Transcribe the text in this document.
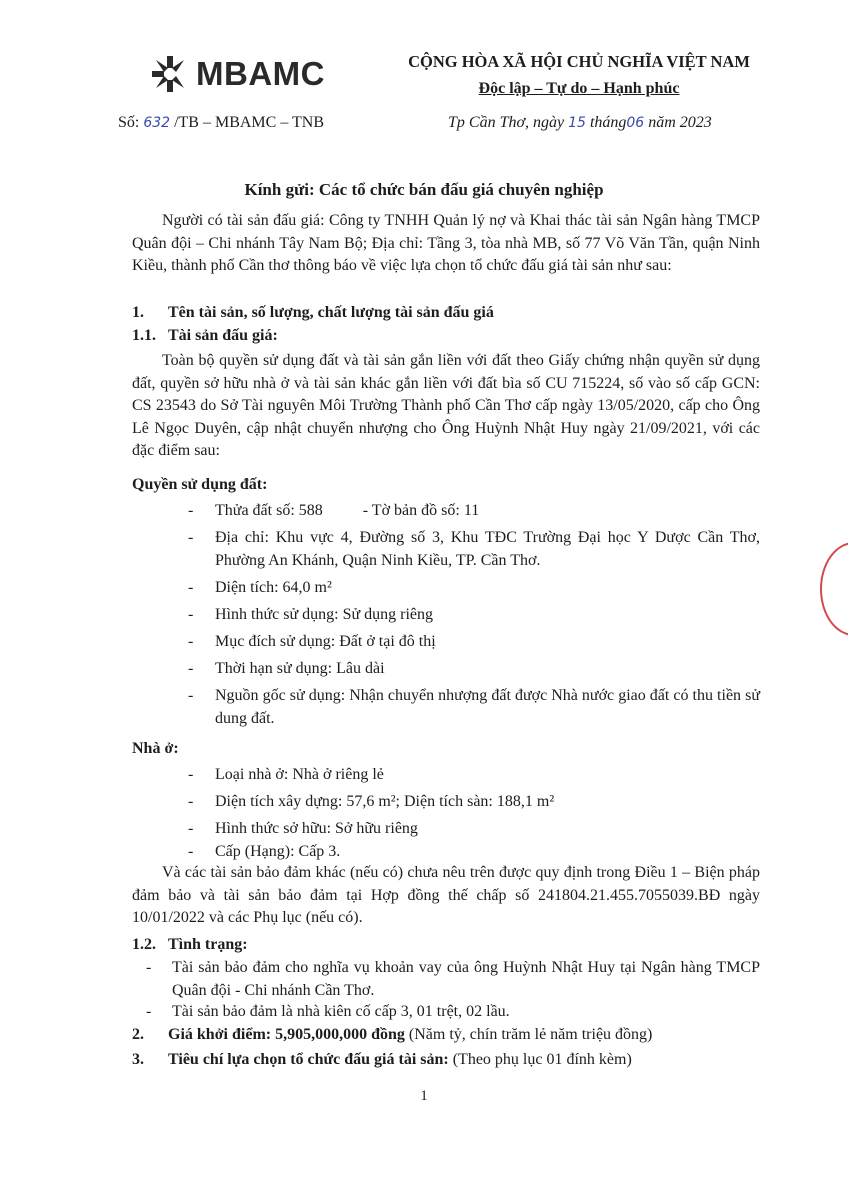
MBAMC
Số: 632 /TB – MBAMC – TNB
CỘNG HÒA XÃ HỘI CHỦ NGHĨA VIỆT NAM
Độc lập – Tự do – Hạnh phúc
Tp Cần Thơ, ngày 15 tháng06 năm 2023
Kính gửi: Các tổ chức bán đấu giá chuyên nghiệp
Người có tài sản đấu giá: Công ty TNHH Quản lý nợ và Khai thác tài sản Ngân hàng TMCP Quân đội – Chi nhánh Tây Nam Bộ; Địa chỉ: Tầng 3, tòa nhà MB, số 77 Võ Văn Tần, quận Ninh Kiều, thành phố Cần thơ thông báo về việc lựa chọn tổ chức đấu giá tài sản như sau:
1.	Tên tài sản, số lượng, chất lượng tài sản đấu giá
1.1. Tài sản đấu giá:
Toàn bộ quyền sử dụng đất và tài sản gắn liền với đất theo Giấy chứng nhận quyền sử dụng đất, quyền sở hữu nhà ở và tài sản khác gắn liền với đất bìa số CU 715224, số vào số cấp GCN: CS 23543 do Sở Tài nguyên Môi Trường Thành phố Cần Thơ cấp ngày 13/05/2020, cấp cho Ông Lê Ngọc Duyên, cập nhật chuyển nhượng cho Ông Huỳnh Nhật Huy ngày 21/09/2021, với các đặc điểm sau:
Quyền sử dụng đất:
-	Thửa đất số: 588          - Tờ bản đồ số: 11
-	Địa chỉ: Khu vực 4, Đường số 3, Khu TĐC Trường Đại học Y Dược Cần Thơ, Phường An Khánh, Quận Ninh Kiều, TP. Cần Thơ.
-	Diện tích: 64,0 m²
-	Hình thức sử dụng: Sử dụng riêng
-	Mục đích sử dụng: Đất ở tại đô thị
-	Thời hạn sử dụng: Lâu dài
-	Nguồn gốc sử dụng: Nhận chuyển nhượng đất được Nhà nước giao đất có thu tiền sử dung đất.
Nhà ở:
-	Loại nhà ở: Nhà ở riêng lẻ
-	Diện tích xây dựng: 57,6 m²; Diện tích sàn: 188,1 m²
-	Hình thức sở hữu: Sở hữu riêng
-	Cấp (Hạng): Cấp 3.
Và các tài sản bảo đảm khác (nếu có) chưa nêu trên được quy định trong Điều 1 – Biện pháp đảm bảo và tài sản bảo đảm tại Hợp đồng thế chấp số 241804.21.455.7055039.BĐ ngày 10/01/2022 và các Phụ lục (nếu có).
1.2. Tình trạng:
-	Tài sản bảo đảm cho nghĩa vụ khoản vay của ông Huỳnh Nhật Huy tại Ngân hàng TMCP Quân đội - Chi nhánh Cần Thơ.
-	Tài sản bảo đảm là nhà kiên cố cấp 3, 01 trệt, 02 lầu.
2.	Giá khởi điểm: 5,905,000,000 đồng (Năm tỷ, chín trăm lẻ năm triệu đồng)
3.	Tiêu chí lựa chọn tổ chức đấu giá tài sản: (Theo phụ lục 01 đính kèm)
1
